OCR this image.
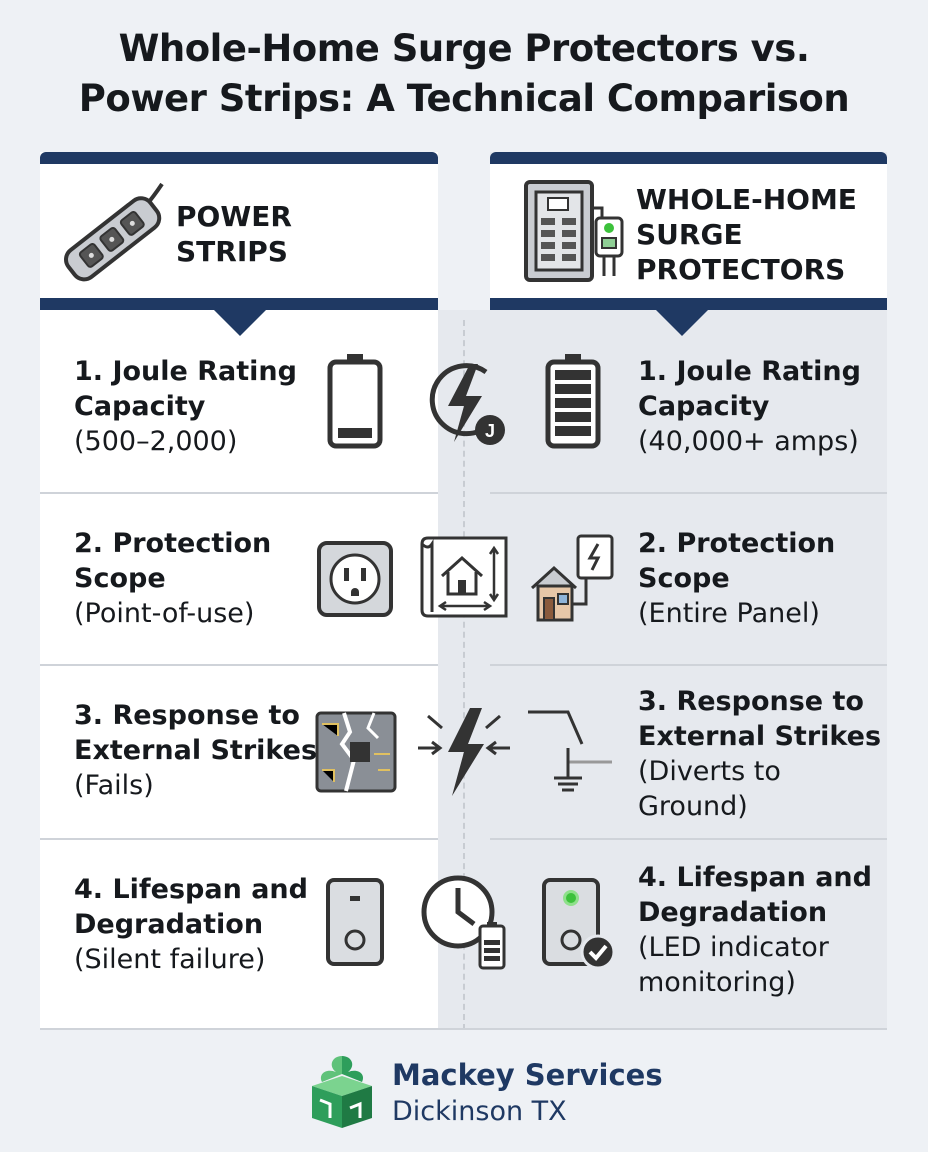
Whole-Home Surge Protectors vs.
Power Strips: A Technical Comparison
POWER
STRIPS
WHOLE-HOME
SURGE
PROTECTORS
1. Joule Rating
Capacity
(500–2,000)
1. Joule Rating
Capacity
(40,000+ amps)
J
2. Protection
Scope
(Point-of-use)
2. Protection
Scope
(Entire Panel)
3. Response to
External Strikes
(Fails)
3. Response to
External Strikes
(Diverts to
Ground)
4. Lifespan and
Degradation
(Silent failure)
4. Lifespan and
Degradation
(LED indicator
monitoring)
Mackey Services
Dickinson TX
